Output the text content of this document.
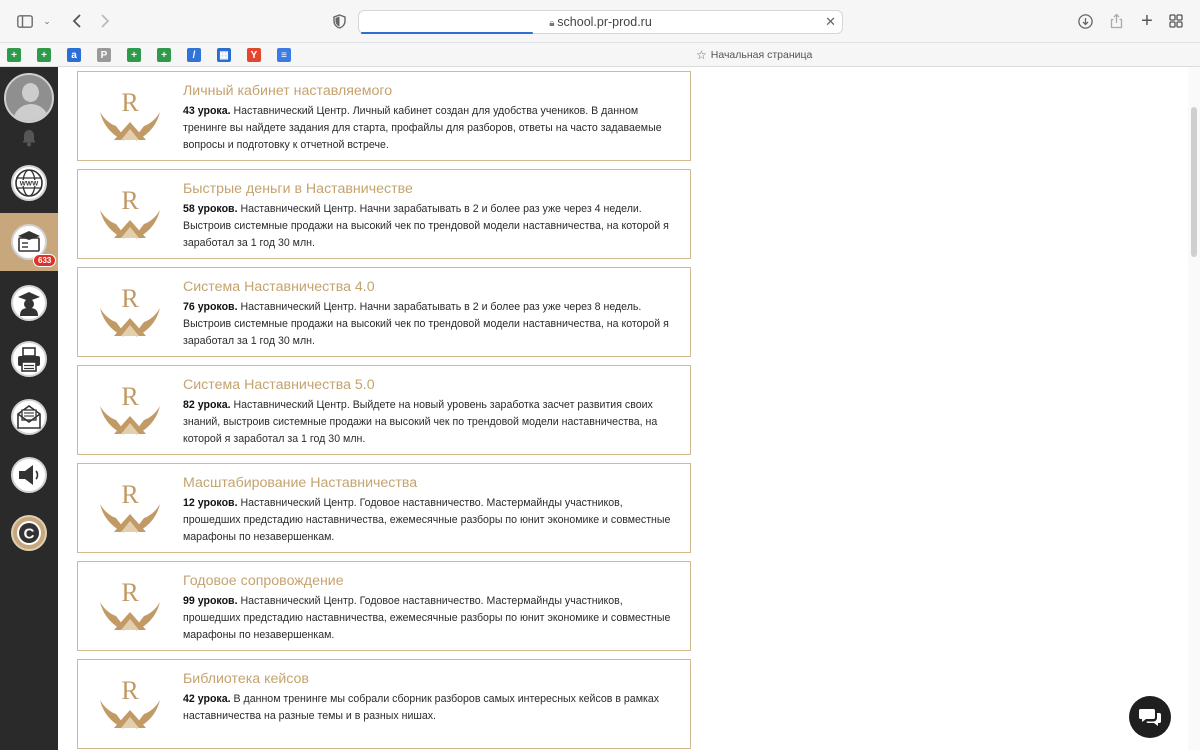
⌄	🔒︎ school.pr-prod.ru	✕	+
+	+	a	P	+	+	/	▦	Y	≡	☆ Начальная страница
WWW
633
C
R	Личный кабинет наставляемого
43 урока. Наставнический Центр. Личный кабинет создан для удобства учеников. В данном тренинге вы найдете задания для старта, профайлы для разборов, ответы на часто задаваемые вопросы и подготовку к отчетной встрече.
R	Быстрые деньги в Наставничестве
58 уроков. Наставнический Центр. Начни зарабатывать в 2 и более раз уже через 4 недели. Выстроив системные продажи на высокий чек по трендовой модели наставничества, на которой я заработал за 1 год 30 млн.
R	Система Наставничества 4.0
76 уроков. Наставнический Центр. Начни зарабатывать в 2 и более раз уже через 8 недель. Выстроив системные продажи на высокий чек по трендовой модели наставничества, на которой я заработал за 1 год 30 млн.
R	Система Наставничества 5.0
82 урока. Наставнический Центр. Выйдете на новый уровень заработка засчет развития своих знаний, выстроив системные продажи на высокий чек по трендовой модели наставничества, на которой я заработал за 1 год 30 млн.
R	Масштабирование Наставничества
12 уроков. Наставнический Центр. Годовое наставничество. Мастермайнды участников, прошедших предстадию наставничества, ежемесячные разборы по юнит экономике и совместные марафоны по незавершенкам.
R	Годовое сопровождение
99 уроков. Наставнический Центр. Годовое наставничество. Мастермайнды участников, прошедших предстадию наставничества, ежемесячные разборы по юнит экономике и совместные марафоны по незавершенкам.
R	Библиотека кейсов
42 урока. В данном тренинге мы собрали сборник разборов самых интересных кейсов в рамках наставничества на разные темы и в разных нишах.
